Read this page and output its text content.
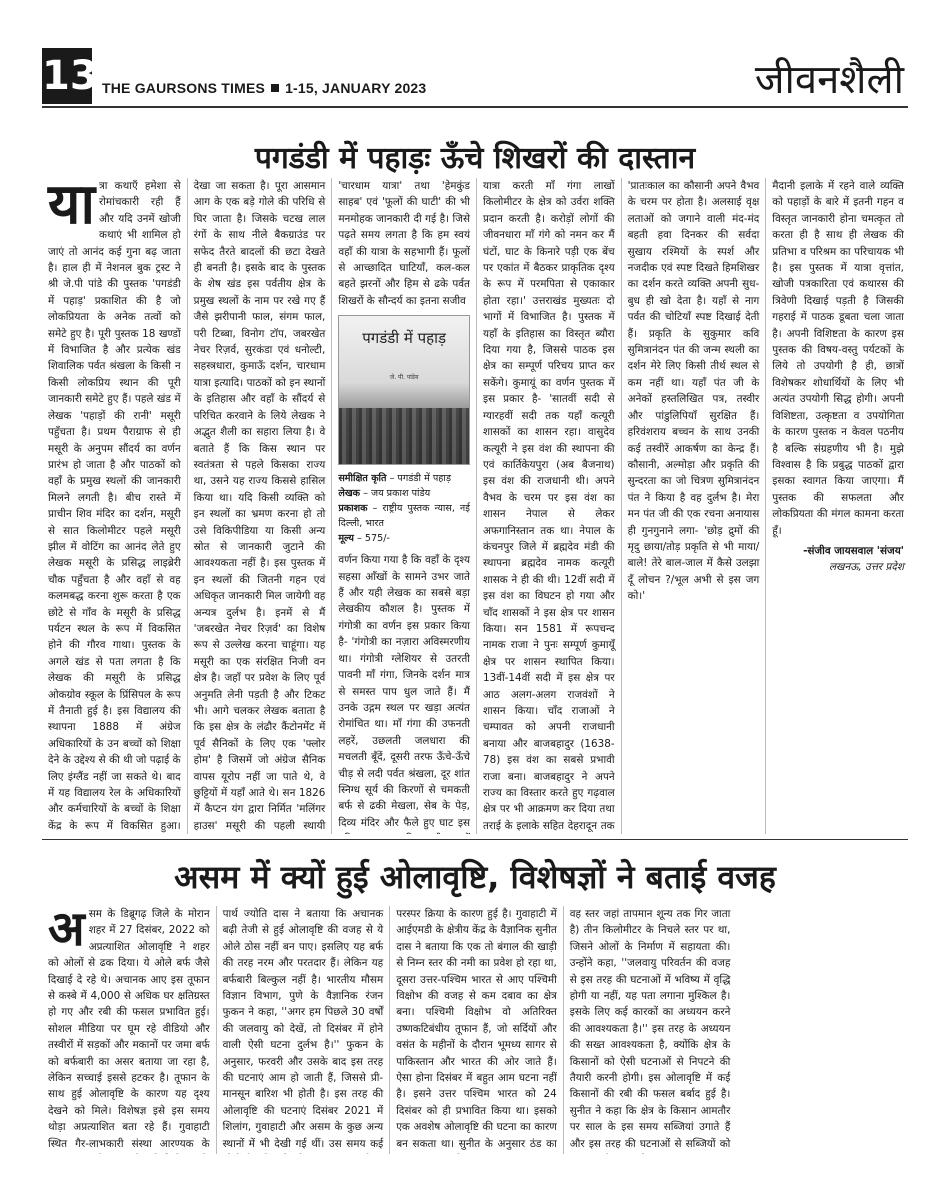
13 THE GAURSONS TIMES 1-15, JANUARY 2023	जीवनशैली
पगडंडी में पहाड़ः ऊँचे शिखरों की दास्तान

यात्रा कथाएँ हमेशा से रोमांचकारी रही हैं और यदि उनमें खोजी कथाएं भी शामिल हो जाएं तो आनंद कई गुना बढ़ जाता है। हाल ही में नेशनल बुक ट्रस्ट ने श्री जे.पी पांडे की पुस्तक 'पगडंडी में पहाड़' प्रकाशित की है जो लोकप्रियता के अनेक तत्वों को समेटे हुए है। पूरी पुस्तक 18 खण्डों में विभाजित है और प्रत्येक खंड शिवालिक पर्वत श्रंखला के किसी न किसी लोकप्रिय स्थान की पूरी जानकारी समेटे हुए हैं। पहले खंड में लेखक 'पहाड़ों की रानी' मसूरी पहुँचता है। प्रथम पैराग्राफ से ही मसूरी के अनुपम सौंदर्य का वर्णन प्रारंभ हो जाता है और पाठकों को वहाँ के प्रमुख स्थलों की जानकारी मिलने लगती है। बीच रास्ते में प्राचीन शिव मंदिर का दर्शन, मसूरी से सात किलोमीटर पहले मसूरी झील में वोटिंग का आनंद लेते हुए लेखक मसूरी के प्रसिद्ध लाइब्रेरी चौक पहुँचता है और वहाँ से वह कलमबद्ध करना शुरू करता है एक छोटे से गाँव के मसूरी के प्रसिद्ध पर्यटन स्थल के रूप में विकसित होने की गौरव गाथा। पुस्तक के अगले खंड से पता लगता है कि लेखक की मसूरी के प्रसिद्ध ओकग्रोव स्कूल के प्रिंसिपल के रूप में तैनाती हुई है। इस विद्यालय की स्थापना 1888 में अंग्रेज अधिकारियों के उन बच्चों को शिक्षा देने के उद्देश्य से की थी जो पढ़ाई के लिए इंग्लैंड नहीं जा सकते थे। बाद में यह विद्यालय रेल के अधिकारियों और कर्मचारियों के बच्चों के शिक्षा केंद्र के रूप में विकसित हुआ।

देखा जा सकता है। पूरा आसमान आग के एक बड़े गोले की परिधि से घिर जाता है। जिसके चटख लाल रंगों के साथ नीले बैकग्राउंड पर सफेद तैरते बादलों की छटा देखते ही बनती है। इसके बाद के पुस्तक के शेष खंड इस पर्वतीय क्षेत्र के प्रमुख स्थलों के नाम पर रखे गए हैं जैसे झरीपानी फाल, संगम फाल, परी टिब्बा, विनोग टॉप, जबरखेत नेचर रिज़र्व, सुरकंडा एवं धनोल्टी, सहस्त्रधारा, कुमाऊँ दर्शन, चारधाम यात्रा इत्यादि। पाठकों को इन स्थानों के इतिहास और वहाँ के सौंदर्य से परिचित करवाने के लिये लेखक ने अद्भुत शैली का सहारा लिया है। वे बताते हैं कि किस स्थान पर स्वतंत्रता से पहले किसका राज्य था, उसने यह राज्य किससे हासिल किया था। यदि किसी व्यक्ति को इन स्थलों का भ्रमण करना हो तो उसे विकिपीडिया या किसी अन्य स्रोत से जानकारी जुटाने की आवश्यकता नहीं है। इस पुस्तक में इन स्थलों की जितनी गहन एवं अधिकृत जानकारी मिल जायेगी वह अन्यत्र दुर्लभ है। इनमें से मैं 'जबरखेत नेचर रिज़र्व' का विशेष रूप से उल्लेख करना चाहूंगा। यह मसूरी का एक संरक्षित निजी वन क्षेत्र है। जहाँ पर प्रवेश के लिए पूर्व अनुमति लेनी पड़ती है और टिकट भी। आगे चलकर लेखक बताता है कि इस क्षेत्र के लंढौर कैंटोनमेंट में पूर्व सैनिकों के लिए एक 'फ्लोर होम' है जिसमें जो अंग्रेज सैनिक वापस यूरोप नहीं जा पाते थे, वे छुट्टियों में यहाँ आते थे। सन 1826 में कैप्टन यंग द्वारा निर्मित 'मलिंगर हाउस' मसूरी की पहली स्थायी

'चारधाम यात्रा' तथा 'हेमकुंड साहब' एवं 'फूलों की घाटी' की भी मनमोहक जानकारी दी गई है। जिसे पढ़ते समय लगता है कि हम स्वयं वहाँ की यात्रा के सहभागी हैं। फूलों से आच्छादित घाटियाँ, कल-कल बहते झरनों और हिम से ढके पर्वत शिखरों के सौन्दर्य का इतना सजीव

पगडंडी में पहाड़
जे. पी. पांडेय
समीक्षित कृति – पगडंडी में पहाड़
लेखक – जय प्रकाश पांडेय
प्रकाशक – राष्ट्रीय पुस्तक न्यास, नई दिल्ली, भारत
मूल्य – 575/-

वर्णन किया गया है कि वहाँ के दृश्य सहसा आँखों के सामने उभर जाते हैं और यही लेखक का सबसे बड़ा लेखकीय कौशल है। पुस्तक में गंगोत्री का वर्णन इस प्रकार किया है- 'गंगोत्री का नज़ारा अविस्मरणीय था। गंगोत्री ग्लेशियर से उतरती पावनी माँ गंगा, जिनके दर्शन मात्र से समस्त पाप धुल जाते हैं। मैं उनके उद्गम स्थल पर खड़ा अत्यंत रोमांचित था। माँ गंगा की उफनती लहरें, उछलती जलधारा की मचलती बूँदें, दूसरी तरफ ऊँचे-ऊँचे चीड़ से लदी पर्वत श्रंखला, दूर शांत स्निग्ध सूर्य की किरणों से चमकती बर्फ से ढकी मेखला, सेब के पेड़, दिव्य मंदिर और फैले हुए घाट इस

यात्रा करती माँ गंगा लाखों किलोमीटर के क्षेत्र को उर्वरा शक्ति प्रदान करती है। करोड़ों लोगों की जीवनधारा माँ गंगे को नमन कर मैं घंटों, घाट के किनारे पड़ी एक बेंच पर एकांत में बैठकर प्राकृतिक दृश्य के रूप में परमपिता से एकाकार होता रहा।' उत्तराखंड मुख्यतः दो भागों में विभाजित है। पुस्तक में यहाँ के इतिहास का विस्तृत ब्यौरा दिया गया है, जिससे पाठक इस क्षेत्र का सम्पूर्ण परिचय प्राप्त कर सकेंगे। कुमायूं का वर्णन पुस्तक में इस प्रकार है- 'सातवीं सदी से ग्यारहवीं सदी तक यहाँ कत्यूरी शासकों का शासन रहा। वासुदेव कत्यूरी ने इस वंश की स्थापना की एवं कार्तिकेयपुरा (अब बैजनाथ) इस वंश की राजधानी थी। अपने वैभव के चरम पर इस वंश का शासन नेपाल से लेकर अफगानिस्तान तक था। नेपाल के कंचनपुर जिले में ब्रह्मदेव मंडी की स्थापना ब्रह्मदेव नामक कत्यूरी शासक ने ही की थी। 12वीं सदी में इस वंश का विघटन हो गया और चाँद शासकों ने इस क्षेत्र पर शासन किया। सन 1581 में रूपचन्द नामक राजा ने पुनः सम्पूर्ण कुमायूँ क्षेत्र पर शासन स्थापित किया। 13वीं-14वीं सदी में इस क्षेत्र पर आठ अलग-अलग राजवंशों ने शासन किया। चाँद राजाओं ने चम्पावत को अपनी राजधानी बनाया और बाजबहादुर (1638-78) इस वंश का सबसे प्रभावी राजा बना। बाजबहादुर ने अपने राज्य का विस्तार करते हुए गढ़वाल क्षेत्र पर भी आक्रमण कर दिया तथा तराई के इलाके सहित देहरादून तक

'प्रातःकाल का कौसानी अपने वैभव के चरम पर होता है। अलसाई वृक्ष लताओं को जगाने वाली मंद-मंद बहती हवा दिनकर की सर्वदा सुखाय रश्मियों के स्पर्श और नजदीक एवं स्पष्ट दिखते हिमशिखर का दर्शन करते व्यक्ति अपनी सुध-बुध ही खो देता है। यहाँ से नाग पर्वत की चोटियाँ स्पष्ट दिखाई देती हैं। प्रकृति के सुकुमार कवि सुमित्रानंदन पंत की जन्म स्थली का दर्शन मेरे लिए किसी तीर्थ स्थल से कम नहीं था। यहाँ पंत जी के अनेकों हस्तलिखित पत्र, तस्वीर और पांडुलिपियाँ सुरक्षित हैं। हरिवंशराय बच्चन के साथ उनकी कई तस्वीरें आकर्षण का केन्द्र हैं। कौसानी, अल्मोड़ा और प्रकृति की सुन्दरता का जो चित्रण सुमित्रानंदन पंत ने किया है वह दुर्लभ है। मेरा मन पंत जी की एक रचना अनायास ही गुनगुनाने लगा- 'छोड़ द्रुमों की मृदु छाया/तोड़ प्रकृति से भी माया/बाले! तेरे बाल-जाल में कैसे उलझा दूँ लोचन ?/भूल अभी से इस जग को।'

मैदानी इलाके में रहने वाले व्यक्ति को पहाड़ों के बारे में इतनी गहन व विस्तृत जानकारी होना चमत्कृत तो करता ही है साथ ही लेखक की प्रतिभा व परिश्रम का परिचायक भी है। इस पुस्तक में यात्रा वृत्तांत, खोजी पत्रकारिता एवं कथारस की त्रिवेणी दिखाई पड़ती है जिसकी गहराई में पाठक डूबता चला जाता है। अपनी विशिष्टता के कारण इस पुस्तक की विषय-वस्तु पर्यटकों के लिये तो उपयोगी है ही, छात्रों विशेषकर शोधार्थियों के लिए भी अत्यंत उपयोगी सिद्ध होगी। अपनी विशिष्टता, उत्कृष्टता व उपयोगिता के कारण पुस्तक न केवल पठनीय है बल्कि संग्रहणीय भी है। मुझे विश्वास है कि प्रबुद्ध पाठकों द्वारा इसका स्वागत किया जाएगा। मैं पुस्तक की सफलता और लोकप्रियता की मंगल कामना करता हूँ।

-संजीव जायसवाल 'संजय'
लखनऊ, उत्तर प्रदेश
असम में क्यों हुई ओलावृष्टि, विशेषज्ञों ने बताई वजह

असम के डिब्रूगढ़ जिले के मोरान शहर में 27 दिसंबर, 2022 को अप्रत्याशित ओलावृष्टि ने शहर को ओलों से ढक दिया। ये ओले बर्फ जैसे दिखाई दे रहे थे। अचानक आए इस तूफान से कस्बे में 4,000 से अधिक घर क्षतिग्रस्त हो गए और रबी की फसल प्रभावित हुई। सोशल मीडिया पर घूम रहे वीडियो और तस्वीरों में सड़कों और मकानों पर जमा बर्फ को बर्फबारी का असर बताया जा रहा है, लेकिन सच्चाई इससे हटकर है। तूफान के साथ हुई ओलावृष्टि के कारण यह दृश्य देखने को मिले। विशेषज्ञ इसे इस समय थोड़ा अप्रत्याशित बता रहे हैं। गुवाहाटी स्थित गैर-लाभकारी संस्था आरण्यक के

पार्थ ज्योति दास ने बताया कि अचानक बढ़ी तेजी से हुई ओलावृष्टि की वजह से ये ओले ठोस नहीं बन पाए। इसलिए यह बर्फ की तरह नरम और परतदार हैं। लेकिन यह बर्फबारी बिल्कुल नहीं है। भारतीय मौसम विज्ञान विभाग, पुणे के वैज्ञानिक रंजन फुकन ने कहा, ''अगर हम पिछले 30 वर्षों की जलवायु को देखें, तो दिसंबर में होने वाली ऐसी घटना दुर्लभ है।'' फुकन के अनुसार, फरवरी और उसके बाद इस तरह की घटनाएं आम हो जाती हैं, जिससे प्री-मानसून बारिश भी होती है। इस तरह की ओलावृष्टि की घटनाएं दिसंबर 2021 में शिलांग, गुवाहाटी और असम के कुछ अन्य स्थानों में भी देखी गई थीं। उस समय कई

परस्पर क्रिया के कारण हुई है। गुवाहाटी में आईएमडी के क्षेत्रीय केंद्र के वैज्ञानिक सुनीत दास ने बताया कि एक तो बंगाल की खाड़ी से निम्न स्तर की नमी का प्रवेश हो रहा था, दूसरा उत्तर-पश्चिम भारत से आए पश्चिमी विक्षोभ की वजह से कम दबाव का क्षेत्र बना। पश्चिमी विक्षोभ वो अतिरिक्त उष्णकटिबंधीय तूफान हैं, जो सर्दियों और वसंत के महीनों के दौरान भूमध्य सागर से पाकिस्तान और भारत की ओर जाते हैं। ऐसा होना दिसंबर में बहुत आम घटना नहीं है। इसने उत्तर पश्चिम भारत को 24 दिसंबर को ही प्रभावित किया था। इसको एक अवशेष ओलावृष्टि की घटना का कारण बन सकता था। सुनीत के अनुसार ठंड का

वह स्तर जहां तापमान शून्य तक गिर जाता है) तीन किलोमीटर के निचले स्तर पर था, जिसने ओलों के निर्माण में सहायता की। उन्होंने कहा, ''जलवायु परिवर्तन की वजह से इस तरह की घटनाओं में भविष्य में वृद्धि होगी या नहीं, यह पता लगाना मुश्किल है। इसके लिए कई कारकों का अध्ययन करने की आवश्यकता है।'' इस तरह के अध्ययन की सख्त आवश्यकता है, क्योंकि क्षेत्र के किसानों को ऐसी घटनाओं से निपटने की तैयारी करनी होगी। इस ओलावृष्टि में कई किसानों की रबी की फसल बर्बाद हुई है। सुनीत ने कहा कि क्षेत्र के किसान आमतौर पर साल के इस समय सब्जियां उगाते हैं और इस तरह की घटनाओं से सब्जियों को
